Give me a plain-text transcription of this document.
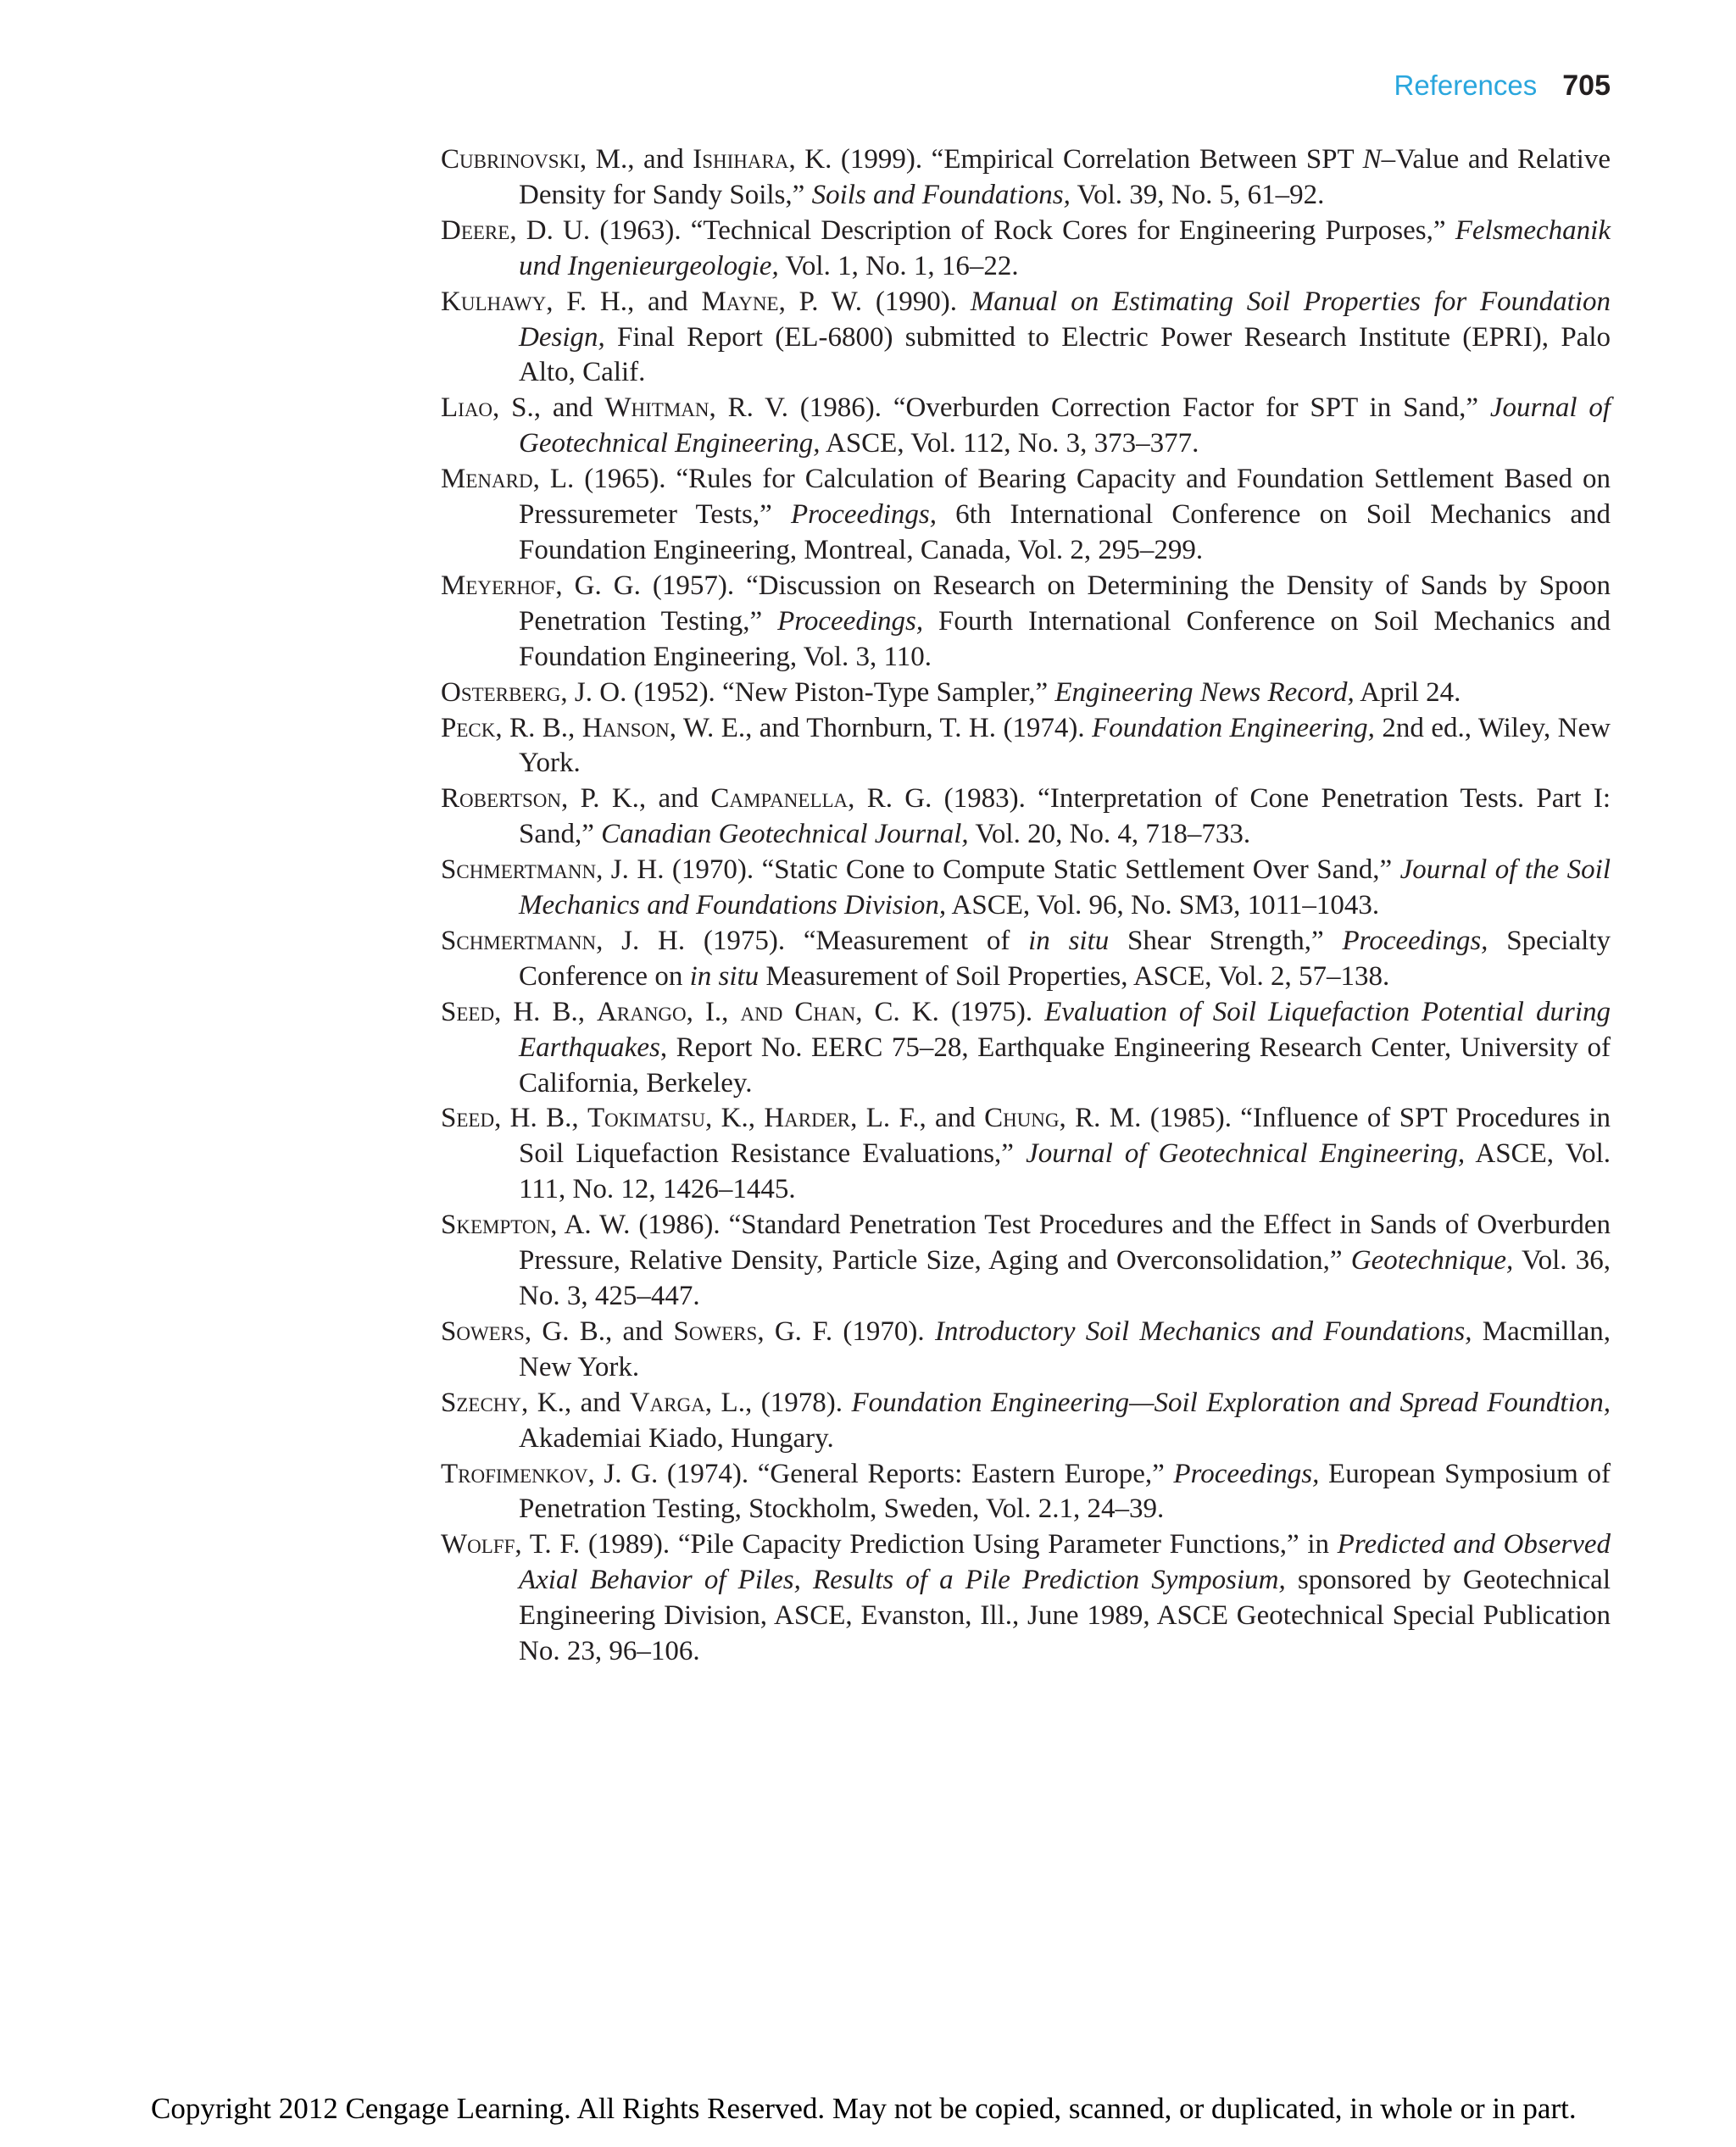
References 705

Cubrinovski, M., and Ishihara, K. (1999). “Empirical Correlation Between SPT N–Value and Relative Density for Sandy Soils,” Soils and Foundations, Vol. 39, No. 5, 61–92.

Deere, D. U. (1963). “Technical Description of Rock Cores for Engineering Purposes,” Felsmechanik und Ingenieurgeologie, Vol. 1, No. 1, 16–22.

Kulhawy, F. H., and Mayne, P. W. (1990). Manual on Estimating Soil Properties for Foundation Design, Final Report (EL-6800) submitted to Electric Power Research Institute (EPRI), Palo Alto, Calif.

Liao, S., and Whitman, R. V. (1986). “Overburden Correction Factor for SPT in Sand,” Journal of Geotechnical Engineering, ASCE, Vol. 112, No. 3, 373–377.

Menard, L. (1965). “Rules for Calculation of Bearing Capacity and Foundation Settlement Based on Pressuremeter Tests,” Proceedings, 6th International Conference on Soil Mechanics and Foundation Engineering, Montreal, Canada, Vol. 2, 295–299.

Meyerhof, G. G. (1957). “Discussion on Research on Determining the Density of Sands by Spoon Penetration Testing,” Proceedings, Fourth International Conference on Soil Mechanics and Foundation Engineering, Vol. 3, 110.

Osterberg, J. O. (1952). “New Piston-Type Sampler,” Engineering News Record, April 24.

Peck, R. B., Hanson, W. E., and Thornburn, T. H. (1974). Foundation Engineering, 2nd ed., Wiley, New York.

Robertson, P. K., and Campanella, R. G. (1983). “Interpretation of Cone Penetration Tests. Part I: Sand,” Canadian Geotechnical Journal, Vol. 20, No. 4, 718–733.

Schmertmann, J. H. (1970). “Static Cone to Compute Static Settlement Over Sand,” Journal of the Soil Mechanics and Foundations Division, ASCE, Vol. 96, No. SM3, 1011–1043.

Schmertmann, J. H. (1975). “Measurement of in situ Shear Strength,” Proceedings, Specialty Conference on in situ Measurement of Soil Properties, ASCE, Vol. 2, 57–138.

Seed, H. B., Arango, I., and Chan, C. K. (1975). Evaluation of Soil Liquefaction Potential during Earthquakes, Report No. EERC 75–28, Earthquake Engineering Research Center, University of California, Berkeley.

Seed, H. B., Tokimatsu, K., Harder, L. F., and Chung, R. M. (1985). “Influence of SPT Procedures in Soil Liquefaction Resistance Evaluations,” Journal of Geotechnical Engineering, ASCE, Vol. 111, No. 12, 1426–1445.

Skempton, A. W. (1986). “Standard Penetration Test Procedures and the Effect in Sands of Overburden Pressure, Relative Density, Particle Size, Aging and Overconsolidation,” Geotechnique, Vol. 36, No. 3, 425–447.

Sowers, G. B., and Sowers, G. F. (1970). Introductory Soil Mechanics and Foundations, Macmillan, New York.

Szechy, K., and Varga, L., (1978). Foundation Engineering—Soil Exploration and Spread Foundtion, Akademiai Kiado, Hungary.

Trofimenkov, J. G. (1974). “General Reports: Eastern Europe,” Proceedings, European Symposium of Penetration Testing, Stockholm, Sweden, Vol. 2.1, 24–39.

Wolff, T. F. (1989). “Pile Capacity Prediction Using Parameter Functions,” in Predicted and Observed Axial Behavior of Piles, Results of a Pile Prediction Symposium, sponsored by Geotechnical Engineering Division, ASCE, Evanston, Ill., June 1989, ASCE Geotechnical Special Publication No. 23, 96–106.

Copyright 2012 Cengage Learning. All Rights Reserved. May not be copied, scanned, or duplicated, in whole or in part.
